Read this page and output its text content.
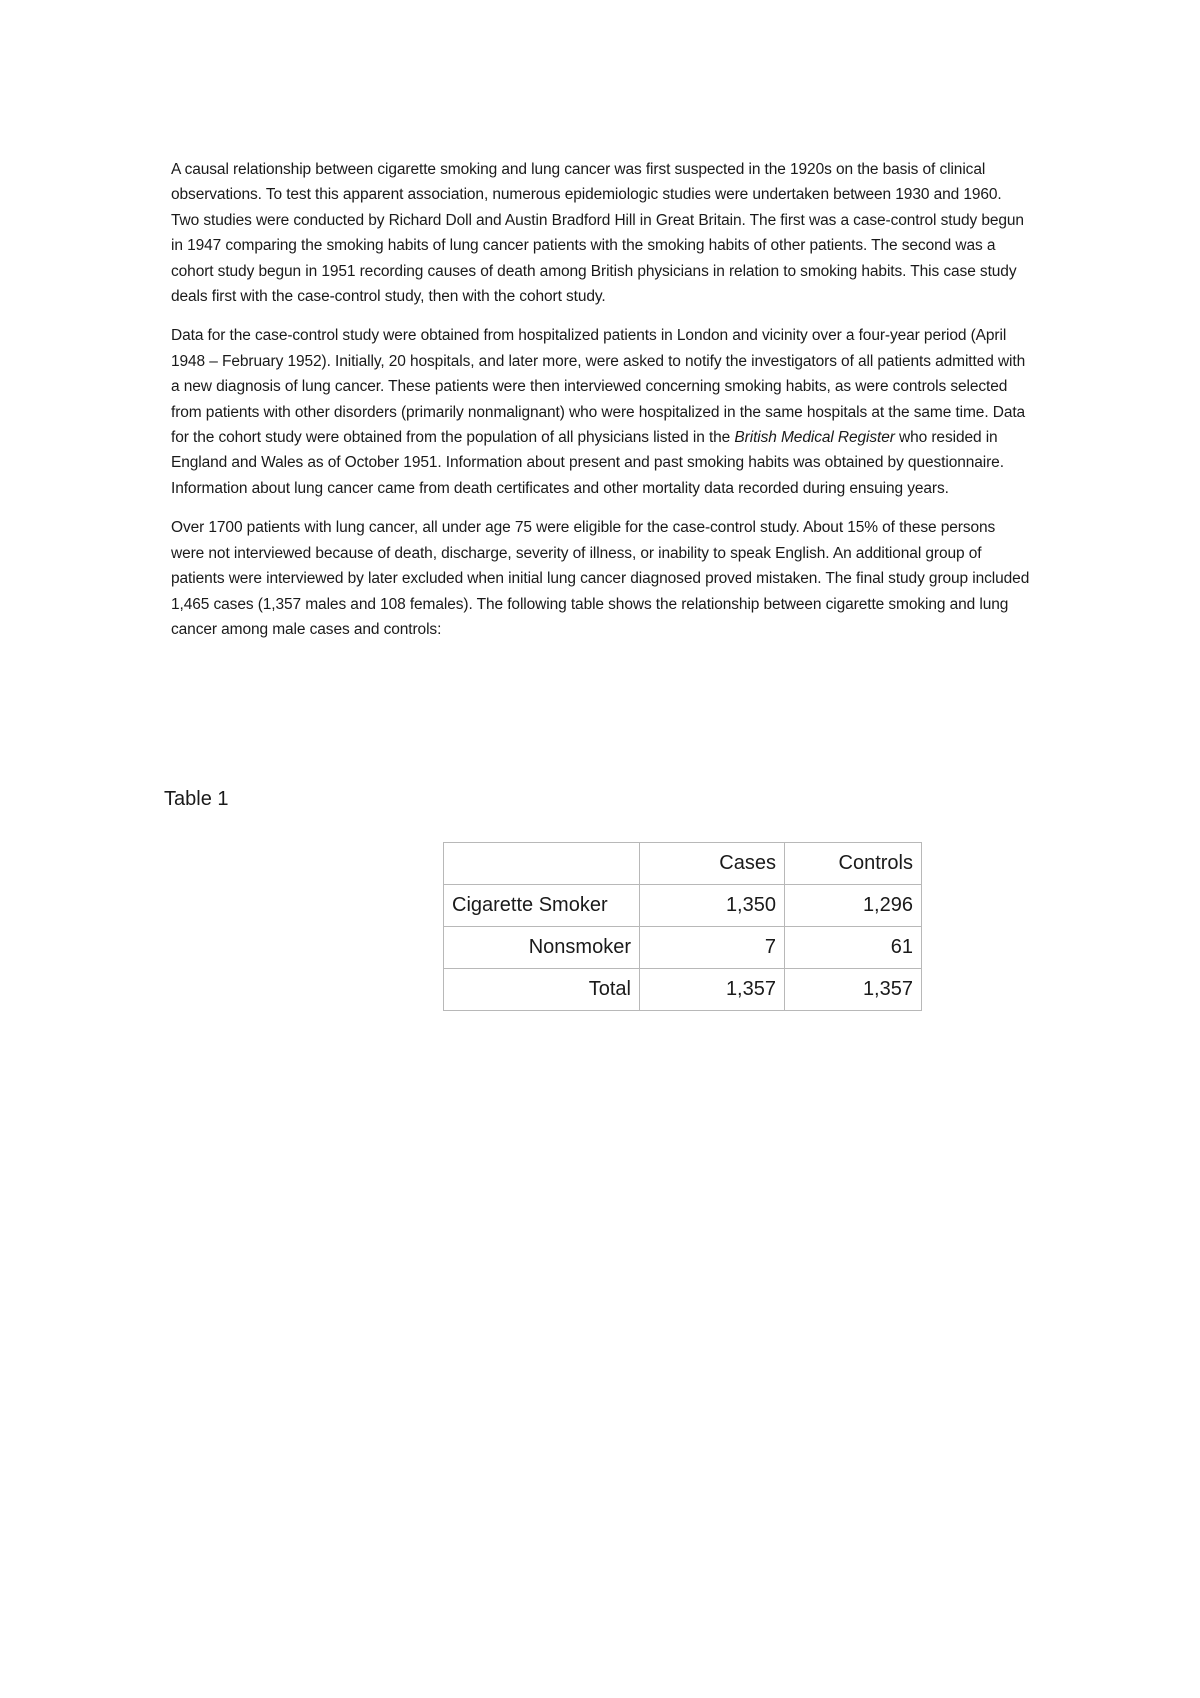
A causal relationship between cigarette smoking and lung cancer was first suspected in the 1920s on the basis of clinical observations. To test this apparent association, numerous epidemiologic studies were undertaken between 1930 and 1960. Two studies were conducted by Richard Doll and Austin Bradford Hill in Great Britain. The first was a case-control study begun in 1947 comparing the smoking habits of lung cancer patients with the smoking habits of other patients. The second was a cohort study begun in 1951 recording causes of death among British physicians in relation to smoking habits. This case study deals first with the case-control study, then with the cohort study.

Data for the case-control study were obtained from hospitalized patients in London and vicinity over a four-year period (April 1948 – February 1952). Initially, 20 hospitals, and later more, were asked to notify the investigators of all patients admitted with a new diagnosis of lung cancer. These patients were then interviewed concerning smoking habits, as were controls selected from patients with other disorders (primarily nonmalignant) who were hospitalized in the same hospitals at the same time. Data for the cohort study were obtained from the population of all physicians listed in the British Medical Register who resided in England and Wales as of October 1951. Information about present and past smoking habits was obtained by questionnaire. Information about lung cancer came from death certificates and other mortality data recorded during ensuing years.

Over 1700 patients with lung cancer, all under age 75 were eligible for the case-control study. About 15% of these persons were not interviewed because of death, discharge, severity of illness, or inability to speak English. An additional group of patients were interviewed by later excluded when initial lung cancer diagnosed proved mistaken. The final study group included 1,465 cases (1,357 males and 108 females). The following table shows the relationship between cigarette smoking and lung cancer among male cases and controls:

Table 1
	Cases	Controls
Cigarette Smoker	1,350	1,296
Nonsmoker	7	61
Total	1,357	1,357
